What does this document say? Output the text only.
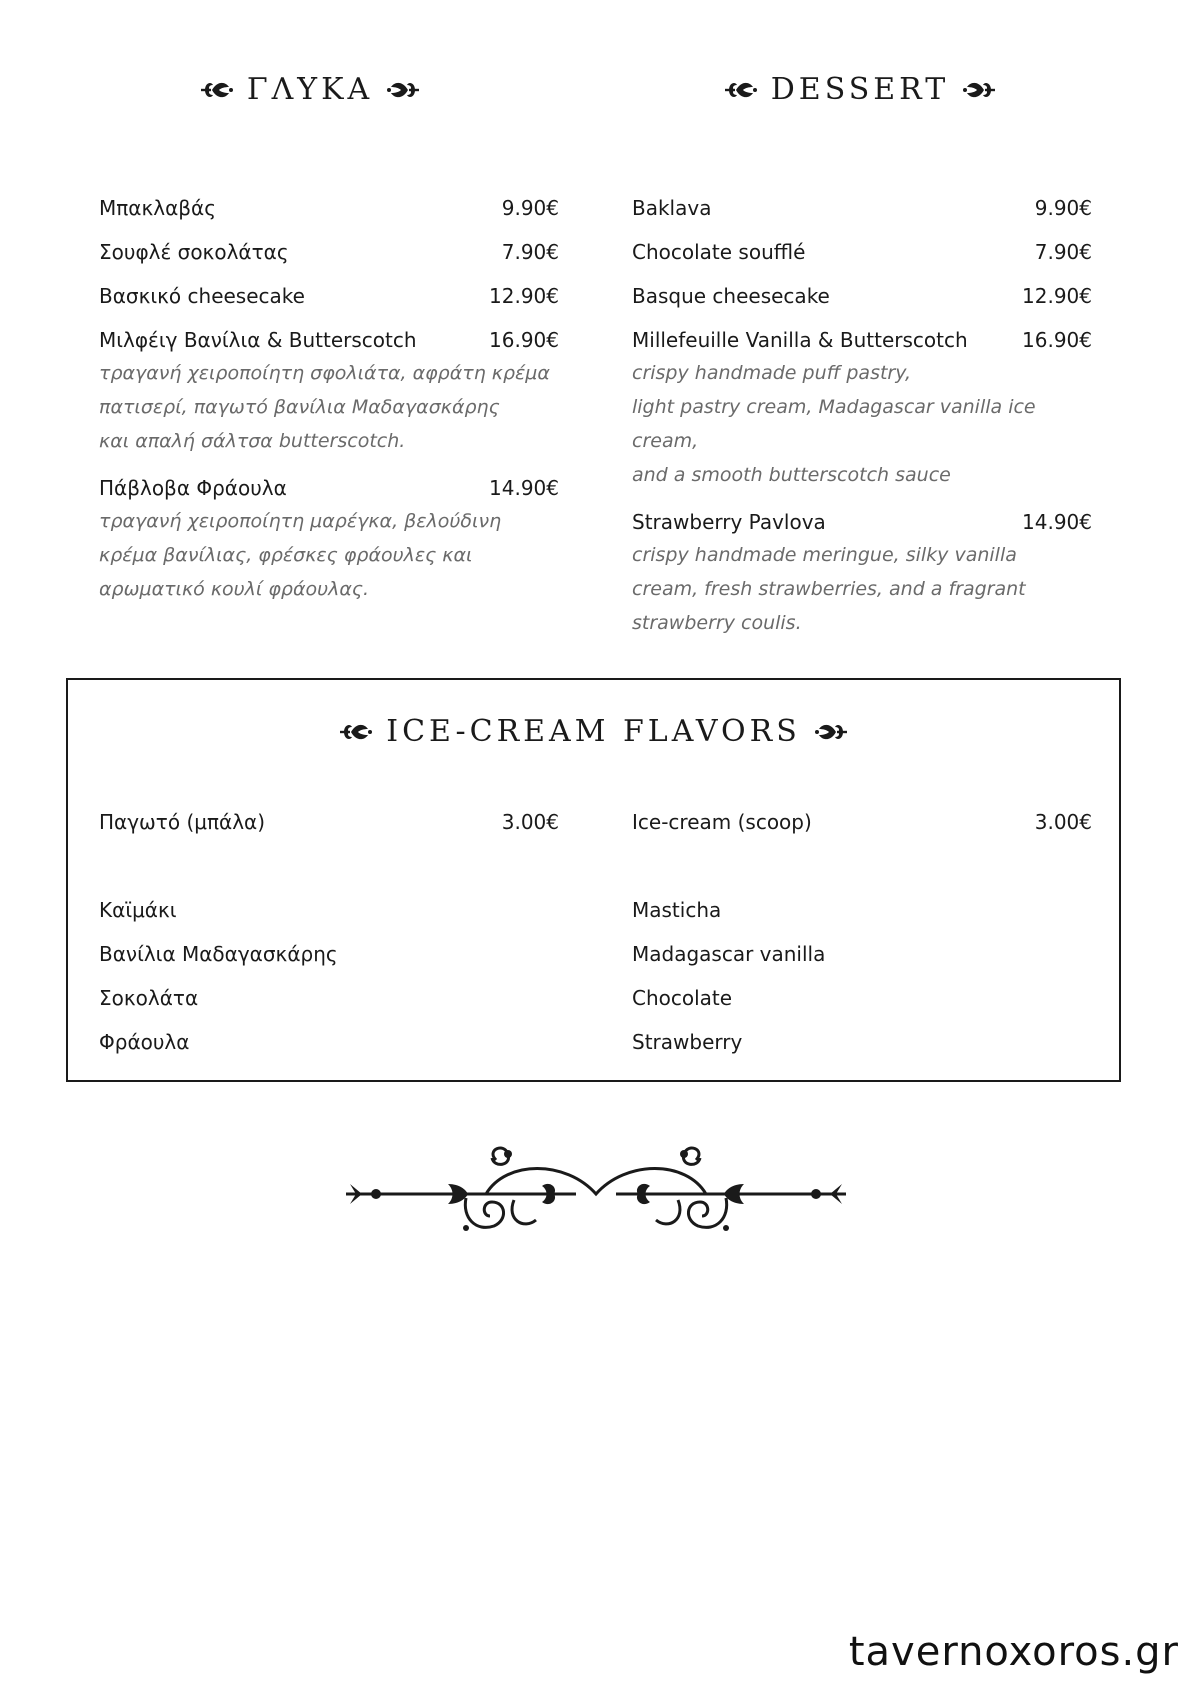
ΓΛΥΚΑ	DESSERT
Μπακλαβάς	9.90€
Σουφλέ σοκολάτας	7.90€
Βασκικό cheesecake	12.90€
Μιλφέιγ Βανίλια & Butterscotch	16.90€
τραγανή χειροποίητη σφολιάτα, αφράτη κρέμα
πατισερί, παγωτό βανίλια Μαδαγασκάρης
και απαλή σάλτσα butterscotch.
Πάβλοβα Φράουλα	14.90€
τραγανή χειροποίητη μαρέγκα, βελούδινη
κρέμα βανίλιας, φρέσκες φράουλες και
αρωματικό κουλί φράουλας.
Baklava	9.90€
Chocolate soufflé	7.90€
Basque cheesecake	12.90€
Millefeuille Vanilla & Butterscotch	16.90€
crispy handmade puff pastry,
light pastry cream, Madagascar vanilla ice cream,
and a smooth butterscotch sauce
Strawberry Pavlova	14.90€
crispy handmade meringue, silky vanilla
cream, fresh strawberries, and a fragrant
strawberry coulis.
ICE-CREAM FLAVORS
Παγωτό (μπάλα)	3.00€
Καϊμάκι
Βανίλια Μαδαγασκάρης
Σοκολάτα
Φράουλα
Ice-cream (scoop)	3.00€
Masticha
Madagascar vanilla
Chocolate
Strawberry
tavernoxoros.gr
